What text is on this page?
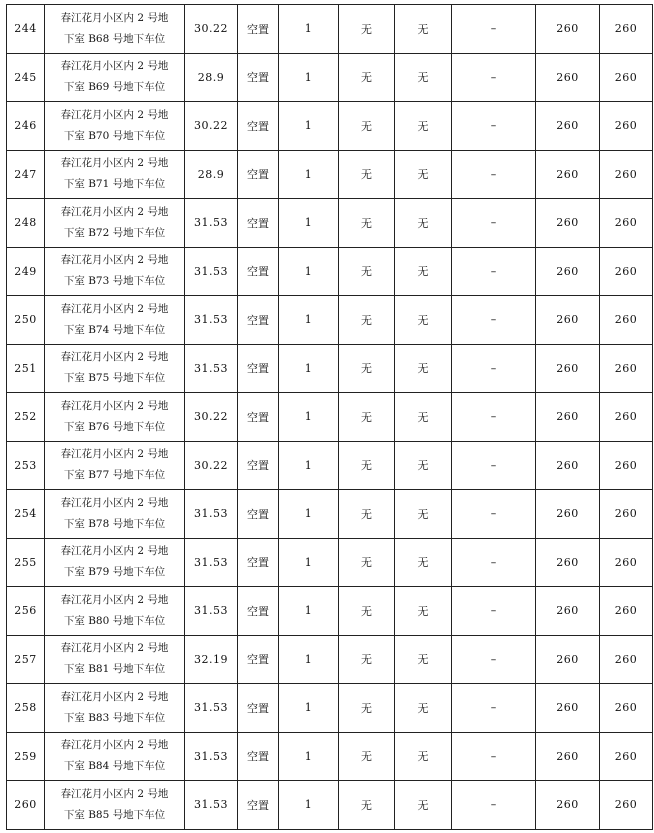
244	春江花月小区内 2 号地
下室 B68 号地下车位	30.22	空置	1	无	无	–	260	260
245	春江花月小区内 2 号地
下室 B69 号地下车位	28.9	空置	1	无	无	–	260	260
246	春江花月小区内 2 号地
下室 B70 号地下车位	30.22	空置	1	无	无	–	260	260
247	春江花月小区内 2 号地
下室 B71 号地下车位	28.9	空置	1	无	无	–	260	260
248	春江花月小区内 2 号地
下室 B72 号地下车位	31.53	空置	1	无	无	–	260	260
249	春江花月小区内 2 号地
下室 B73 号地下车位	31.53	空置	1	无	无	–	260	260
250	春江花月小区内 2 号地
下室 B74 号地下车位	31.53	空置	1	无	无	–	260	260
251	春江花月小区内 2 号地
下室 B75 号地下车位	31.53	空置	1	无	无	–	260	260
252	春江花月小区内 2 号地
下室 B76 号地下车位	30.22	空置	1	无	无	–	260	260
253	春江花月小区内 2 号地
下室 B77 号地下车位	30.22	空置	1	无	无	–	260	260
254	春江花月小区内 2 号地
下室 B78 号地下车位	31.53	空置	1	无	无	–	260	260
255	春江花月小区内 2 号地
下室 B79 号地下车位	31.53	空置	1	无	无	–	260	260
256	春江花月小区内 2 号地
下室 B80 号地下车位	31.53	空置	1	无	无	–	260	260
257	春江花月小区内 2 号地
下室 B81 号地下车位	32.19	空置	1	无	无	–	260	260
258	春江花月小区内 2 号地
下室 B83 号地下车位	31.53	空置	1	无	无	–	260	260
259	春江花月小区内 2 号地
下室 B84 号地下车位	31.53	空置	1	无	无	–	260	260
260	春江花月小区内 2 号地
下室 B85 号地下车位	31.53	空置	1	无	无	–	260	260
